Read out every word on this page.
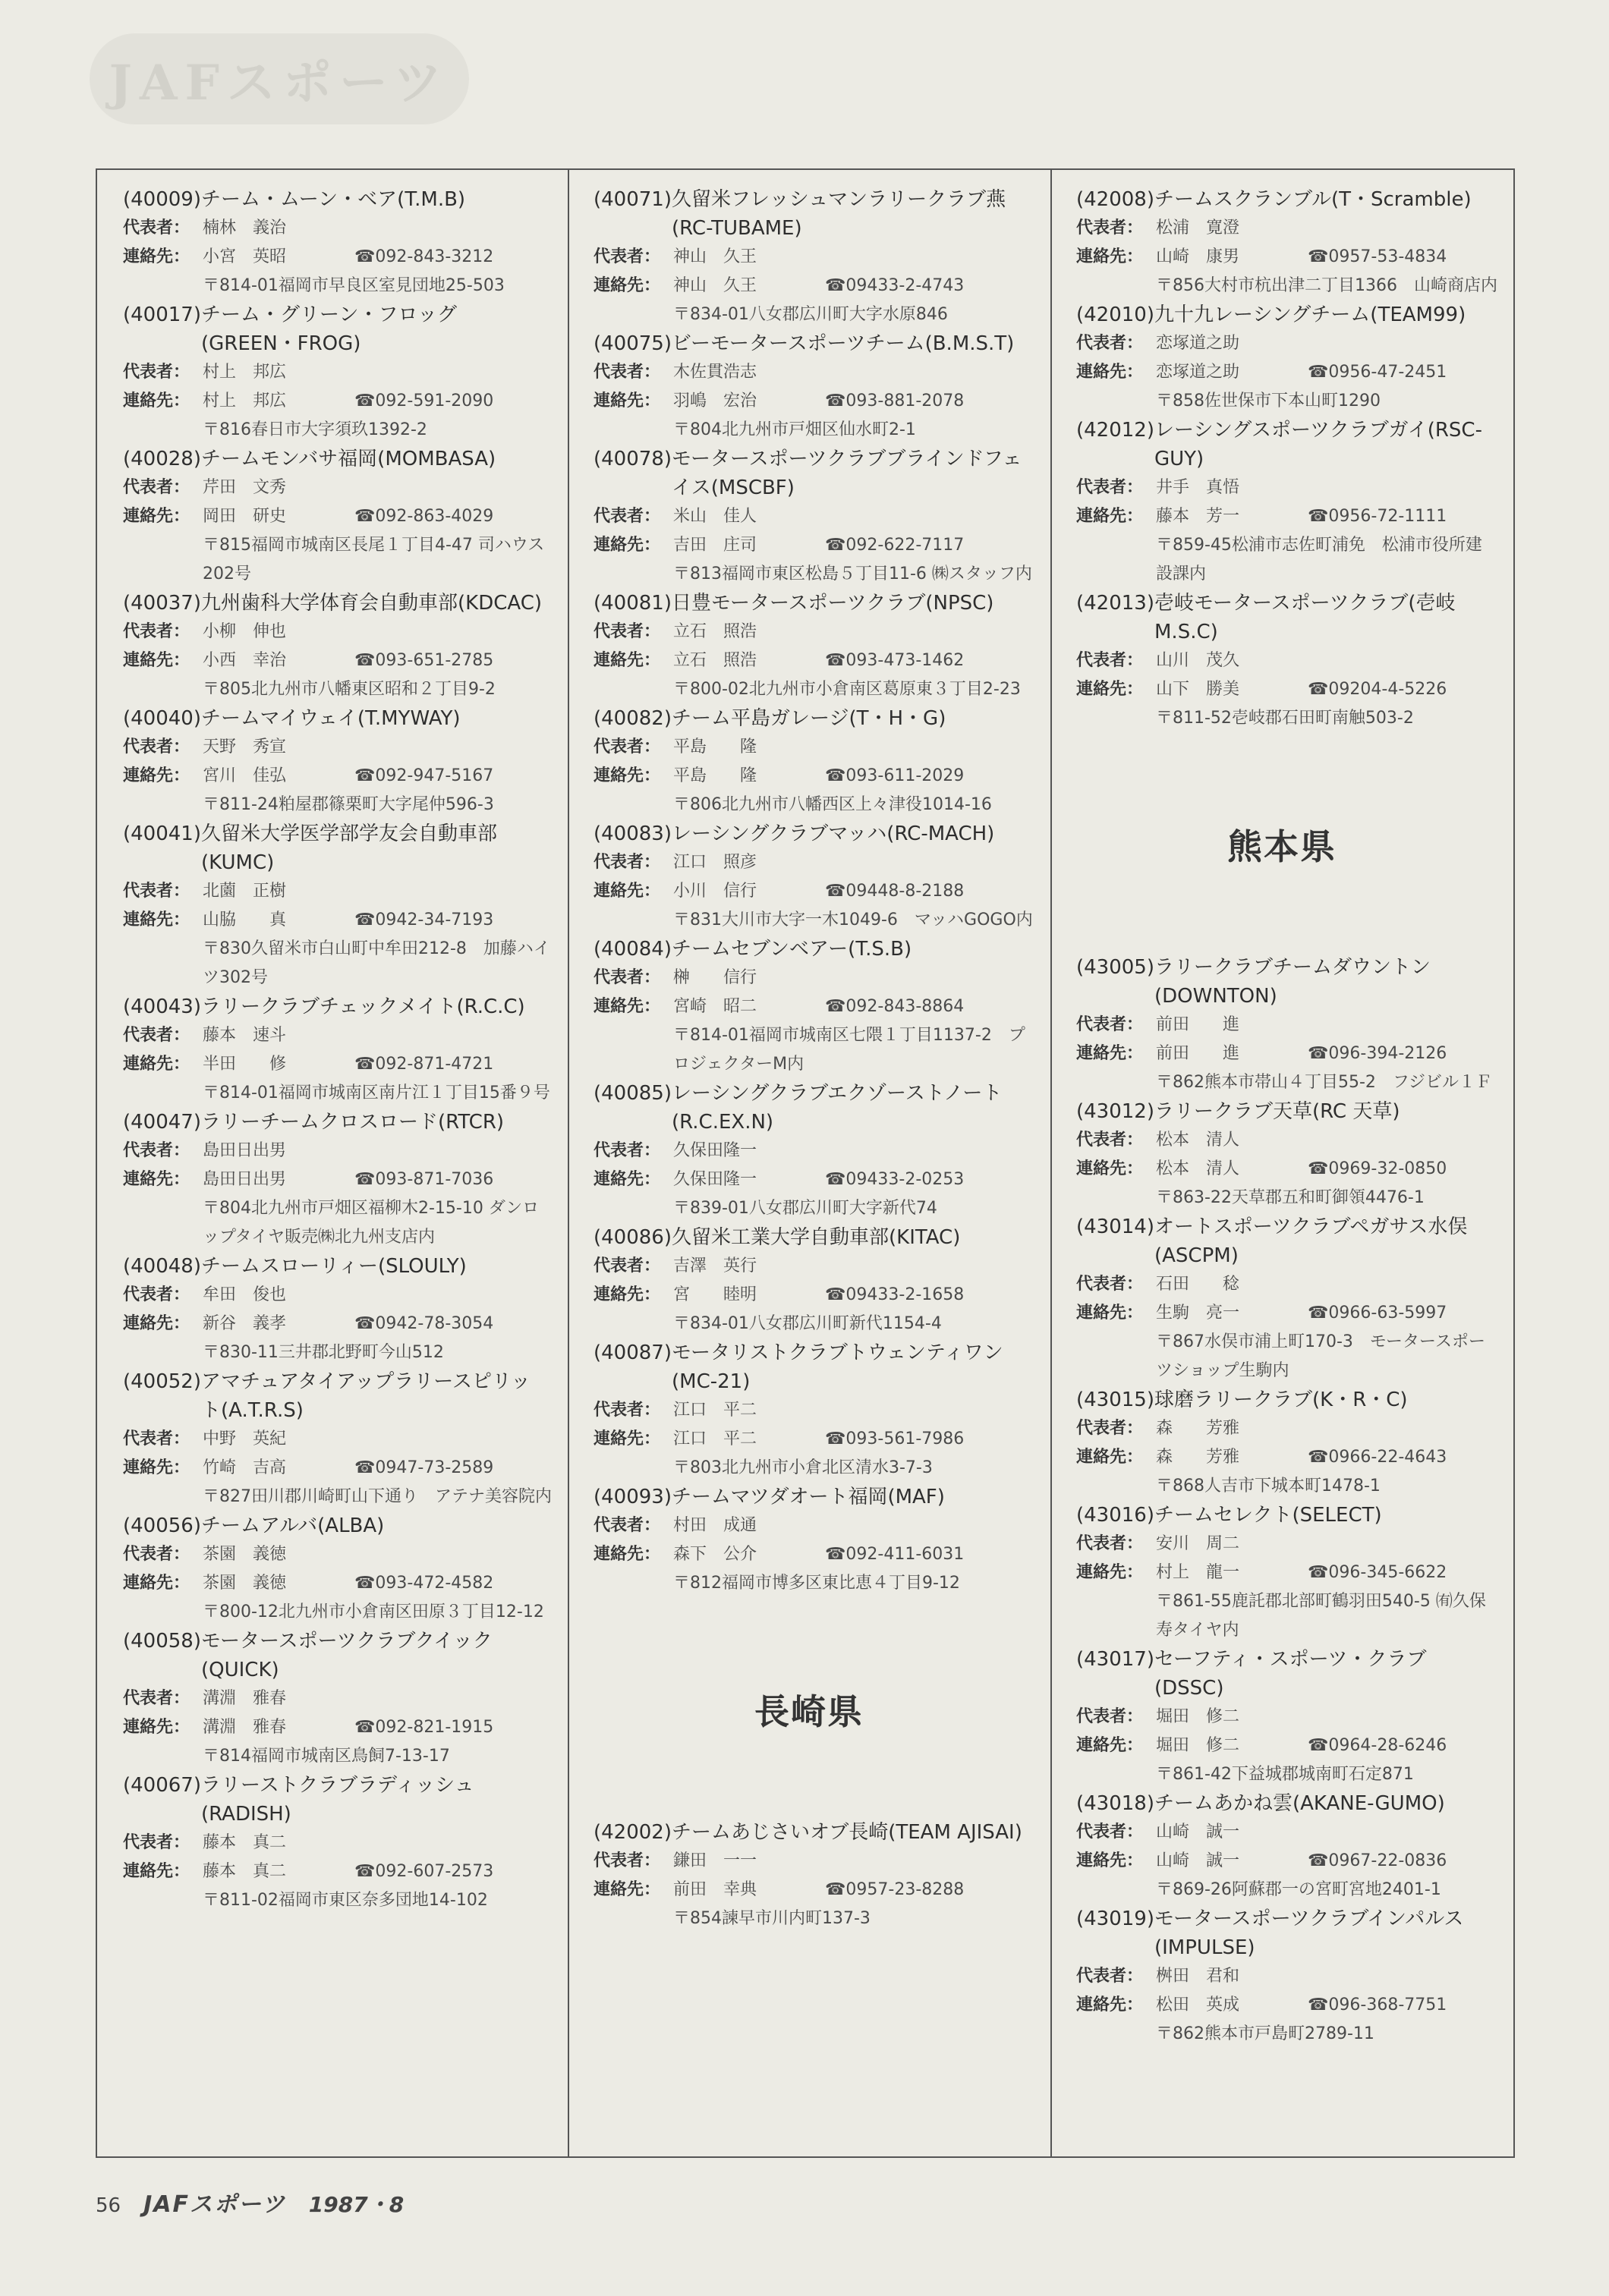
JAFスポーツ
(40009) チーム・ムーン・ベア(T.M.B)
代表者： 楠林　義治
連絡先： 小宮　英昭	☎092-843-3212
〒814-01福岡市早良区室見団地25-503
(40017) チーム・グリーン・フロッグ(GREEN・FROG)
代表者： 村上　邦広
連絡先： 村上　邦広	☎092-591-2090
〒816春日市大字須玖1392-2
(40028) チームモンバサ福岡(MOMBASA)
代表者： 芹田　文秀
連絡先： 岡田　研史	☎092-863-4029
〒815福岡市城南区長尾１丁目4-47 司ハウス202号
(40037) 九州歯科大学体育会自動車部(KDCAC)
代表者： 小柳　伸也
連絡先： 小西　幸治	☎093-651-2785
〒805北九州市八幡東区昭和２丁目9-2
(40040) チームマイウェイ(T.MYWAY)
代表者： 天野　秀宣
連絡先： 宮川　佳弘	☎092-947-5167
〒811-24粕屋郡篠栗町大字尾仲596-3
(40041) 久留米大学医学部学友会自動車部(KUMC)
代表者： 北薗　正樹
連絡先： 山脇　　真	☎0942-34-7193
〒830久留米市白山町中牟田212-8　加藤ハイツ302号
(40043) ラリークラブチェックメイト(R.C.C)
代表者： 藤本　速斗
連絡先： 半田　　修	☎092-871-4721
〒814-01福岡市城南区南片江１丁目15番９号
(40047) ラリーチームクロスロード(RTCR)
代表者： 島田日出男
連絡先： 島田日出男	☎093-871-7036
〒804北九州市戸畑区福柳木2-15-10 ダンロップタイヤ販売㈱北九州支店内
(40048) チームスローリィー(SLOULY)
代表者： 牟田　俊也
連絡先： 新谷　義孝	☎0942-78-3054
〒830-11三井郡北野町今山512
(40052) アマチュアタイアップラリースピリット(A.T.R.S)
代表者： 中野　英紀
連絡先： 竹崎　吉高	☎0947-73-2589
〒827田川郡川崎町山下通り　アテナ美容院内
(40056) チームアルバ(ALBA)
代表者： 茶園　義徳
連絡先： 茶園　義徳	☎093-472-4582
〒800-12北九州市小倉南区田原３丁目12-12
(40058) モータースポーツクラブクイック(QUICK)
代表者： 溝淵　雅春
連絡先： 溝淵　雅春	☎092-821-1915
〒814福岡市城南区鳥飼7-13-17
(40067) ラリーストクラブラディッシュ(RADISH)
代表者： 藤本　真二
連絡先： 藤本　真二	☎092-607-2573
〒811-02福岡市東区奈多団地14-102
(40071) 久留米フレッシュマンラリークラブ燕(RC-TUBAME)
代表者： 神山　久王
連絡先： 神山　久王	☎09433-2-4743
〒834-01八女郡広川町大字水原846
(40075) ビーモータースポーツチーム(B.M.S.T)
代表者： 木佐貫浩志
連絡先： 羽嶋　宏治	☎093-881-2078
〒804北九州市戸畑区仙水町2-1
(40078) モータースポーツクラブブラインドフェイス(MSCBF)
代表者： 米山　佳人
連絡先： 吉田　庄司	☎092-622-7117
〒813福岡市東区松島５丁目11-6 ㈱スタッフ内
(40081) 日豊モータースポーツクラブ(NPSC)
代表者： 立石　照浩
連絡先： 立石　照浩	☎093-473-1462
〒800-02北九州市小倉南区葛原東３丁目2-23
(40082) チーム平島ガレージ(T・H・G)
代表者： 平島　　隆
連絡先： 平島　　隆	☎093-611-2029
〒806北九州市八幡西区上々津役1014-16
(40083) レーシングクラブマッハ(RC-MACH)
代表者： 江口　照彦
連絡先： 小川　信行	☎09448-8-2188
〒831大川市大字一木1049-6　マッハGOGO内
(40084) チームセブンベアー(T.S.B)
代表者： 榊　　信行
連絡先： 宮崎　昭二	☎092-843-8864
〒814-01福岡市城南区七隈１丁目1137-2　プロジェクターM内
(40085) レーシングクラブエクゾーストノート(R.C.EX.N)
代表者： 久保田隆一
連絡先： 久保田隆一	☎09433-2-0253
〒839-01八女郡広川町大字新代74
(40086) 久留米工業大学自動車部(KITAC)
代表者： 吉澤　英行
連絡先： 宮　　睦明	☎09433-2-1658
〒834-01八女郡広川町新代1154-4
(40087) モータリストクラブトウェンティワン(MC-21)
代表者： 江口　平二
連絡先： 江口　平二	☎093-561-7986
〒803北九州市小倉北区清水3-7-3
(40093) チームマツダオート福岡(MAF)
代表者： 村田　成通
連絡先： 森下　公介	☎092-411-6031
〒812福岡市博多区東比恵４丁目9-12
長崎県
(42002) チームあじさいオブ長崎(TEAM AJISAI)
代表者： 鎌田　一一
連絡先： 前田　幸典	☎0957-23-8288
〒854諫早市川内町137-3
(42008) チームスクランブル(T・Scramble)
代表者： 松浦　寛澄
連絡先： 山崎　康男	☎0957-53-4834
〒856大村市杭出津二丁目1366　山崎商店内
(42010) 九十九レーシングチーム(TEAM99)
代表者： 恋塚道之助
連絡先： 恋塚道之助	☎0956-47-2451
〒858佐世保市下本山町1290
(42012) レーシングスポーツクラブガイ(RSC-GUY)
代表者： 井手　真悟
連絡先： 藤本　芳一	☎0956-72-1111
〒859-45松浦市志佐町浦免　松浦市役所建設課内
(42013) 壱岐モータースポーツクラブ(壱岐M.S.C)
代表者： 山川　茂久
連絡先： 山下　勝美	☎09204-4-5226
〒811-52壱岐郡石田町南触503-2
熊本県
(43005) ラリークラブチームダウントン(DOWNTON)
代表者： 前田　　進
連絡先： 前田　　進	☎096-394-2126
〒862熊本市帯山４丁目55-2　フジビル１Ｆ
(43012) ラリークラブ天草(RC 天草)
代表者： 松本　清人
連絡先： 松本　清人	☎0969-32-0850
〒863-22天草郡五和町御領4476-1
(43014) オートスポーツクラブペガサス水俣(ASCPM)
代表者： 石田　　稔
連絡先： 生駒　亮一	☎0966-63-5997
〒867水俣市浦上町170-3　モータースポーツショップ生駒内
(43015) 球磨ラリークラブ(K・R・C)
代表者： 森　　芳雅
連絡先： 森　　芳雅	☎0966-22-4643
〒868人吉市下城本町1478-1
(43016) チームセレクト(SELECT)
代表者： 安川　周二
連絡先： 村上　龍一	☎096-345-6622
〒861-55鹿託郡北部町鶴羽田540-5 ㈲久保寿タイヤ内
(43017) セーフティ・スポーツ・クラブ(DSSC)
代表者： 堀田　修二
連絡先： 堀田　修二	☎0964-28-6246
〒861-42下益城郡城南町石定871
(43018) チームあかね雲(AKANE-GUMO)
代表者： 山崎　誠一
連絡先： 山崎　誠一	☎0967-22-0836
〒869-26阿蘇郡一の宮町宮地2401-1
(43019) モータースポーツクラブインパルス(IMPULSE)
代表者： 桝田　君和
連絡先： 松田　英成	☎096-368-7751
〒862熊本市戸島町2789-11
56 JAFスポーツ 1987・8
